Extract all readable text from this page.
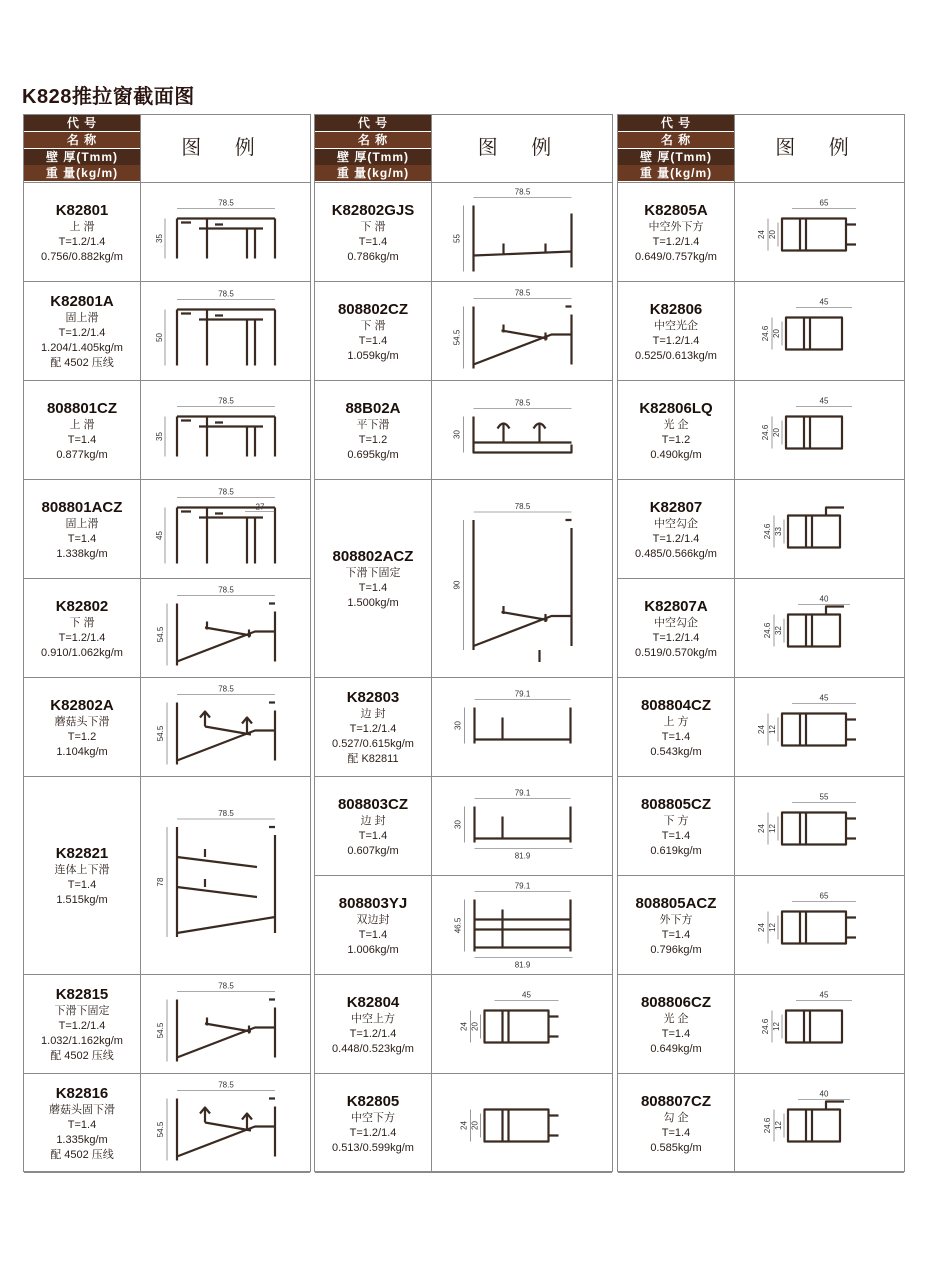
K828推拉窗截面图
代 号
名 称
壁 厚(Tmm)
重 量(kg/m)
图 例
K82801
上 滑
T=1.2/1.4
0.756/0.882kg/m
78.5
35
K82801A
固上滑
T=1.2/1.4
1.204/1.405kg/m
配 4502 压线
78.5
50
808801CZ
上 滑
T=1.4
0.877kg/m
78.5
35
808801ACZ
固上滑
T=1.4
1.338kg/m
78.5
45
27
K82802
下 滑
T=1.2/1.4
0.910/1.062kg/m
78.5
54.5
K82802A
蘑菇头下滑
T=1.2
1.104kg/m
78.5
54.5
K82821
连体上下滑
T=1.4
1.515kg/m
78.5
78
K82815
下滑下固定
T=1.2/1.4
1.032/1.162kg/m
配 4502 压线
78.5
54.5
K82816
蘑菇头固下滑
T=1.4
1.335kg/m
配 4502 压线
78.5
54.5
代 号
名 称
壁 厚(Tmm)
重 量(kg/m)
图 例
K82802GJS
下 滑
T=1.4
0.786kg/m
78.5
55
808802CZ
下 滑
T=1.4
1.059kg/m
78.5
54.5
88B02A
平下滑
T=1.2
0.695kg/m
78.5
30
808802ACZ
下滑下固定
T=1.4
1.500kg/m
78.5
90
K82803
边 封
T=1.2/1.4
0.527/0.615kg/m
配 K82811
79.1
30
808803CZ
边 封
T=1.4
0.607kg/m
79.1
30
81.9
808803YJ
双边封
T=1.4
1.006kg/m
79.1
46.5
81.9
K82804
中空上方
T=1.2/1.4
0.448/0.523kg/m
45
24 20
K82805
中空下方
T=1.2/1.4
0.513/0.599kg/m
24 20
代 号
名 称
壁 厚(Tmm)
重 量(kg/m)
图 例
K82805A
中空外下方
T=1.2/1.4
0.649/0.757kg/m
65
24 20
K82806
中空光企
T=1.2/1.4
0.525/0.613kg/m
45
24.6 20
K82806LQ
光 企
T=1.2
0.490kg/m
45
24.6 20
K82807
中空勾企
T=1.2/1.4
0.485/0.566kg/m
24.6 33
K82807A
中空勾企
T=1.2/1.4
0.519/0.570kg/m
40
24.6 32
808804CZ
上 方
T=1.4
0.543kg/m
45
24 12
808805CZ
下 方
T=1.4
0.619kg/m
55
24 12
808805ACZ
外下方
T=1.4
0.796kg/m
65
24 12
808806CZ
光 企
T=1.4
0.649kg/m
45
24.6 12
808807CZ
勾 企
T=1.4
0.585kg/m
40
24.6 12
